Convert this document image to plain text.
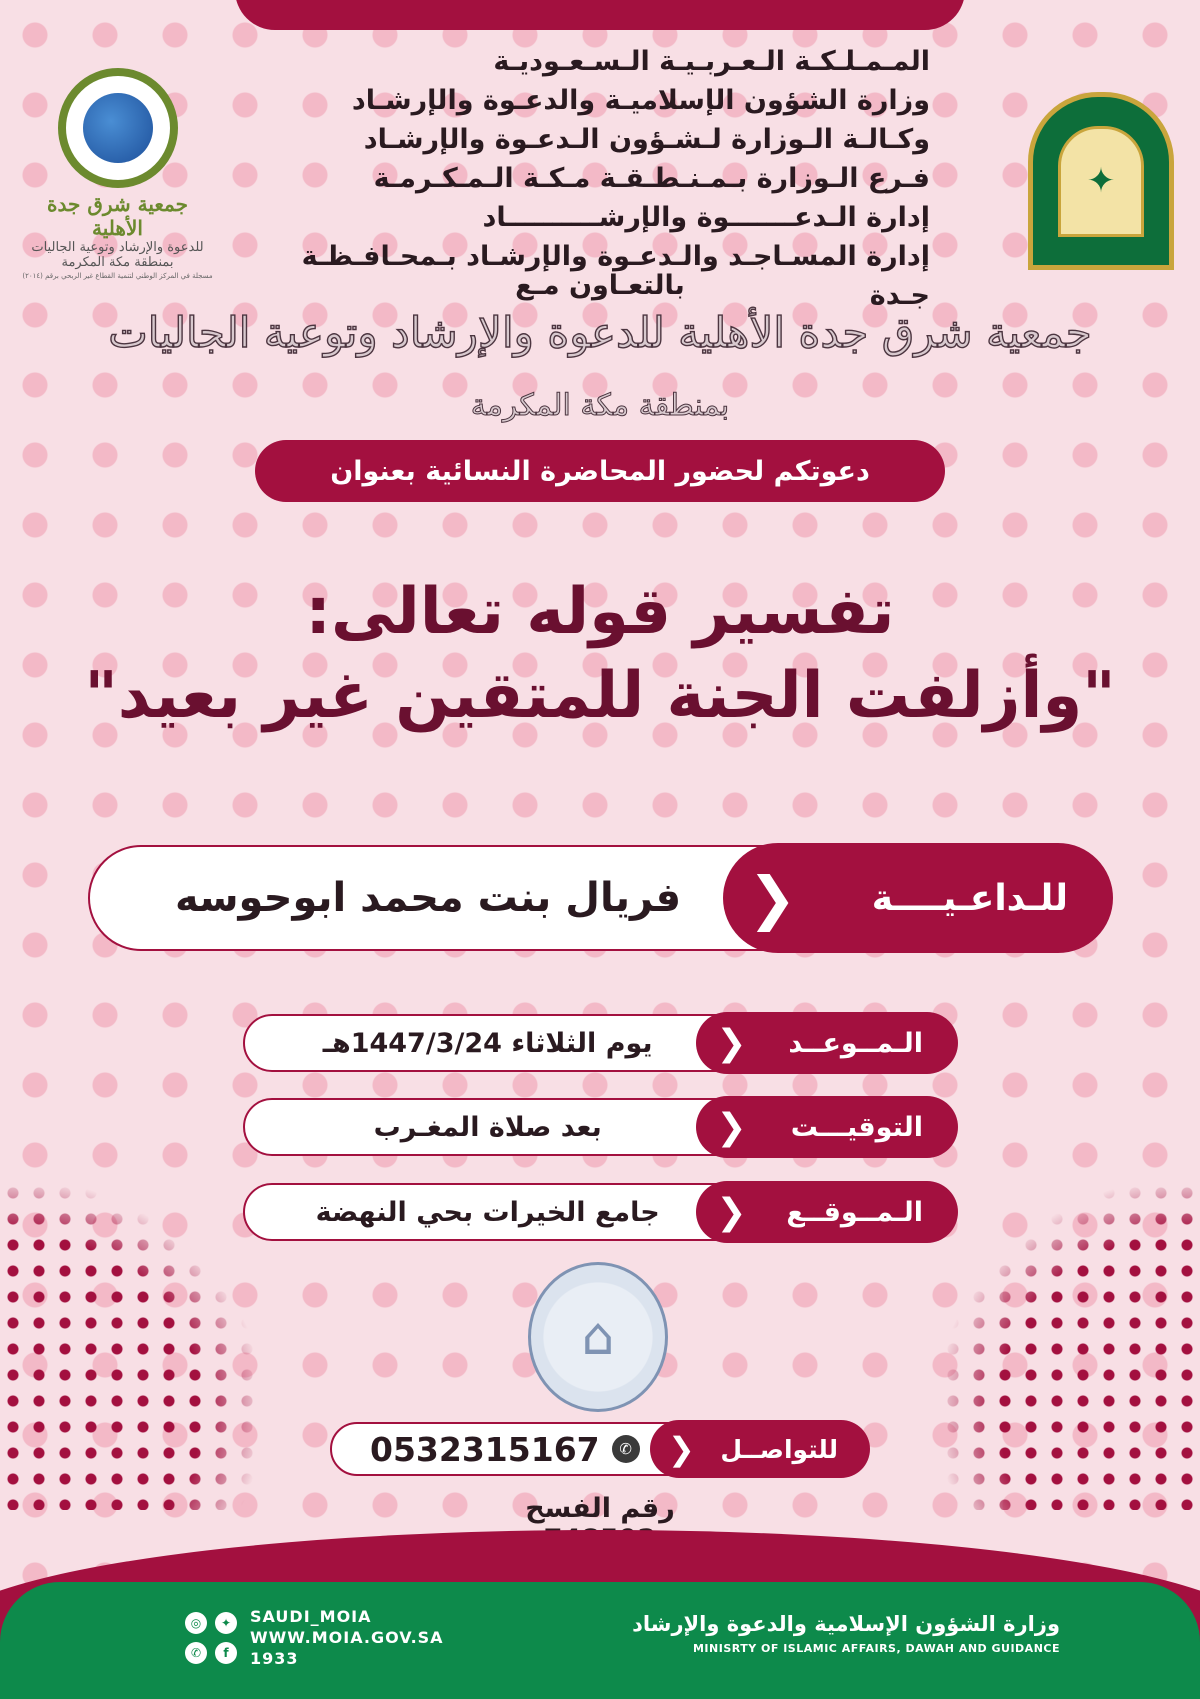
جمعية شرق جدة الأهلية
للدعوة والإرشاد وتوعية الجاليات
بمنطقة مكة المكرمة
مسجلة في المركز الوطني لتنمية القطاع غير الربحي برقم (٢٠١٤)
✦
المـمـلـكـة الـعـربـيـة الـسـعـوديـة
وزارة الشؤون الإسلاميـة والدعـوة والإرشـاد
وكـالـة الـوزارة لـشـؤون الـدعـوة والإرشـاد
فـرع الـوزارة بـمـنـطـقـة مـكـة الـمـكـرمـة
إدارة الـدعـــــــوة والإرشــــــــــاد
إدارة المسـاجـد والـدعـوة والإرشـاد بـمحـافـظـة جـدة
بالتعـاون مـع
جمعية شرق جدة الأهلية للدعوة والإرشاد وتوعية الجاليات
بمنطقة مكة المكرمة
دعوتكم لحضور المحاضرة النسائية بعنوان
تفسير قوله تعالى:
"وأزلفت الجنة للمتقين غير بعيد"
للـداعـيــــة
❮
فريال بنت محمد ابوحوسه
الـمــوعــد
❮
يوم الثلاثاء 1447/3/24هـ
التوقيـــت
❮
بعد صلاة المغـرب
الـمــوقــع
❮
جامع الخيرات بحي النهضة
⌂
للتواصــل
❮
0532315167	✆
رقم الفسح
◎	✦
✆	f
SAUDI_MOIA
WWW.MOIA.GOV.SA
1933
وزارة الشؤون الإسلامية والدعوة والإرشاد
MINISRTY OF ISLAMIC AFFAIRS, DAWAH AND GUIDANCE
